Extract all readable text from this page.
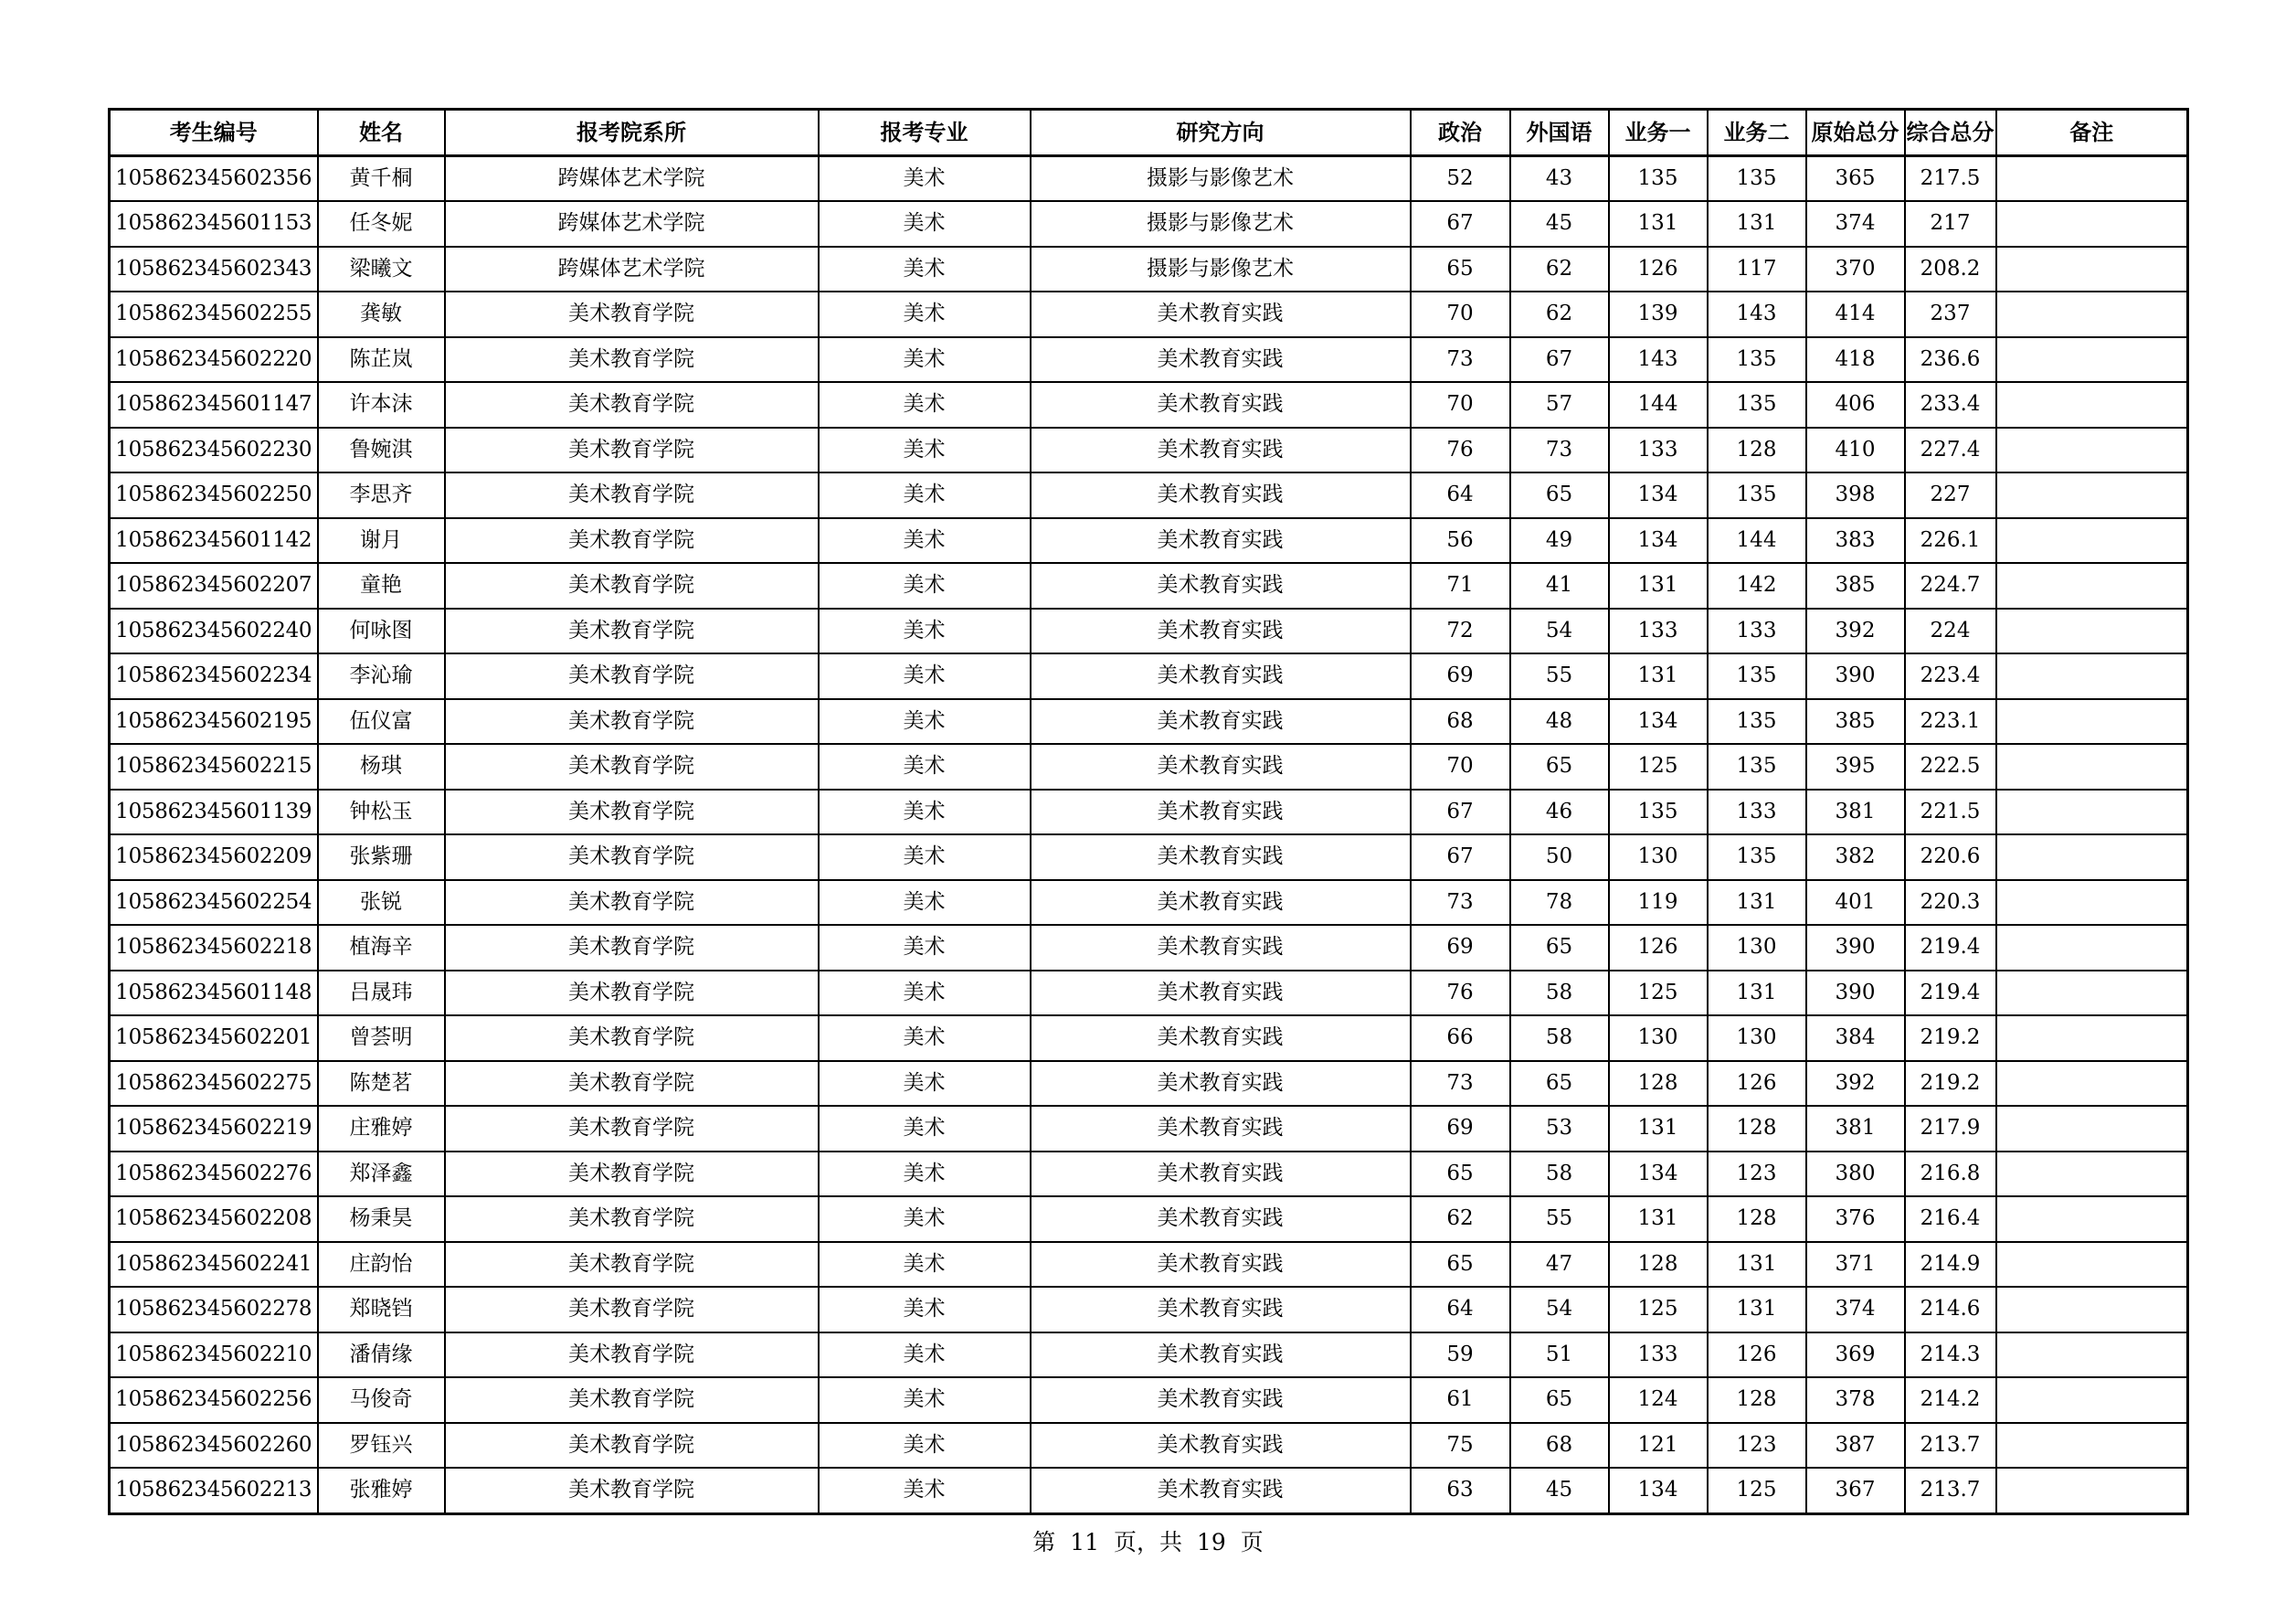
考生编号	姓名	报考院系所	报考专业	研究方向	政治	外国语	业务一	业务二	原始总分	综合总分	备注
105862345602356	黄千桐	跨媒体艺术学院	美术	摄影与影像艺术	52	43	135	135	365	217.5	
105862345601153	任冬妮	跨媒体艺术学院	美术	摄影与影像艺术	67	45	131	131	374	217	
105862345602343	梁曦文	跨媒体艺术学院	美术	摄影与影像艺术	65	62	126	117	370	208.2	
105862345602255	龚敏	美术教育学院	美术	美术教育实践	70	62	139	143	414	237	
105862345602220	陈芷岚	美术教育学院	美术	美术教育实践	73	67	143	135	418	236.6	
105862345601147	许本沫	美术教育学院	美术	美术教育实践	70	57	144	135	406	233.4	
105862345602230	鲁婉淇	美术教育学院	美术	美术教育实践	76	73	133	128	410	227.4	
105862345602250	李思齐	美术教育学院	美术	美术教育实践	64	65	134	135	398	227	
105862345601142	谢月	美术教育学院	美术	美术教育实践	56	49	134	144	383	226.1	
105862345602207	童艳	美术教育学院	美术	美术教育实践	71	41	131	142	385	224.7	
105862345602240	何咏图	美术教育学院	美术	美术教育实践	72	54	133	133	392	224	
105862345602234	李沁瑜	美术教育学院	美术	美术教育实践	69	55	131	135	390	223.4	
105862345602195	伍仪富	美术教育学院	美术	美术教育实践	68	48	134	135	385	223.1	
105862345602215	杨琪	美术教育学院	美术	美术教育实践	70	65	125	135	395	222.5	
105862345601139	钟松玉	美术教育学院	美术	美术教育实践	67	46	135	133	381	221.5	
105862345602209	张紫珊	美术教育学院	美术	美术教育实践	67	50	130	135	382	220.6	
105862345602254	张锐	美术教育学院	美术	美术教育实践	73	78	119	131	401	220.3	
105862345602218	植海辛	美术教育学院	美术	美术教育实践	69	65	126	130	390	219.4	
105862345601148	吕晟玮	美术教育学院	美术	美术教育实践	76	58	125	131	390	219.4	
105862345602201	曾荟明	美术教育学院	美术	美术教育实践	66	58	130	130	384	219.2	
105862345602275	陈楚茗	美术教育学院	美术	美术教育实践	73	65	128	126	392	219.2	
105862345602219	庄雅婷	美术教育学院	美术	美术教育实践	69	53	131	128	381	217.9	
105862345602276	郑泽鑫	美术教育学院	美术	美术教育实践	65	58	134	123	380	216.8	
105862345602208	杨秉昊	美术教育学院	美术	美术教育实践	62	55	131	128	376	216.4	
105862345602241	庄韵怡	美术教育学院	美术	美术教育实践	65	47	128	131	371	214.9	
105862345602278	郑晓铛	美术教育学院	美术	美术教育实践	64	54	125	131	374	214.6	
105862345602210	潘倩缘	美术教育学院	美术	美术教育实践	59	51	133	126	369	214.3	
105862345602256	马俊奇	美术教育学院	美术	美术教育实践	61	65	124	128	378	214.2	
105862345602260	罗钰兴	美术教育学院	美术	美术教育实践	75	68	121	123	387	213.7	
105862345602213	张雅婷	美术教育学院	美术	美术教育实践	63	45	134	125	367	213.7	
第 11 页，共 19 页
